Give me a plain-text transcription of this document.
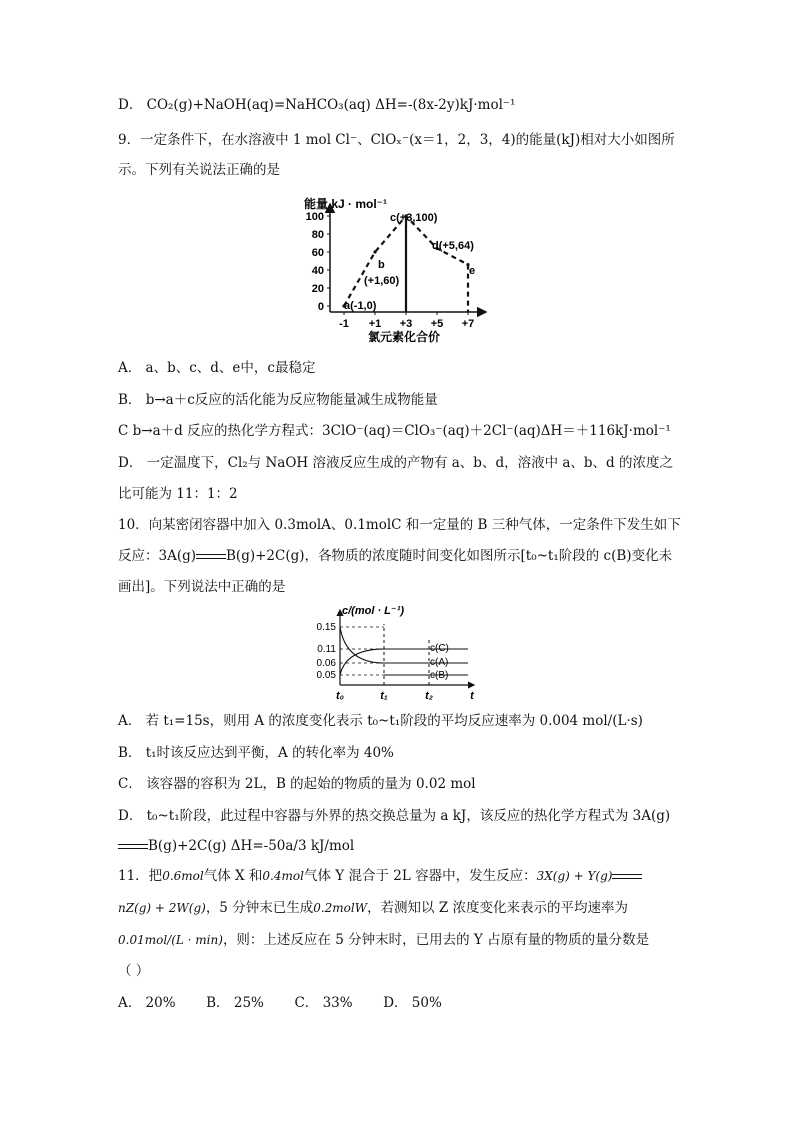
D． CO₂(g)+NaOH(aq)=NaHCO₃(aq) ΔH=-(8x-2y)kJ·mol⁻¹
9．一定条件下，在水溶液中 1 mol Cl⁻、ClOₓ⁻(x＝1，2，3，4)的能量(kJ)相对大小如图所
示。下列有关说法正确的是
能量 kJ · mol⁻¹
100
80
60
40
20
0
-1 +1 +3 +5 +7
a(-1,0)
b
(+1,60)
c(+3,100)
d(+5,64)
e
氯元素化合价
A． a、b、c、d、e中，c最稳定
B． b→a＋c反应的活化能为反应物能量减生成物能量
C b→a＋d 反应的热化学方程式：3ClO⁻(aq)＝ClO₃⁻(aq)＋2Cl⁻(aq)ΔH＝＋116kJ·mol⁻¹
D． 一定温度下，Cl₂与 NaOH 溶液反应生成的产物有 a、b、d，溶液中 a、b、d 的浓度之
比可能为 11：1：2
10．向某密闭容器中加入 0.3molA、0.1molC 和一定量的 B 三种气体，一定条件下发生如下
反应：3A(g) B(g)+2C(g)，各物质的浓度随时间变化如图所示[t₀~t₁阶段的 c(B)变化未
画出]。下列说法中正确的是
c/(mol · L⁻¹)
0.15
0.11
0.06
0.05
t₀	t₁	t₂	t
c(C)
c(A)
c(B)
A． 若 t₁=15s，则用 A 的浓度变化表示 t₀~t₁阶段的平均反应速率为 0.004 mol/(L·s)
B． t₁时该反应达到平衡，A 的转化率为 40%
C． 该容器的容积为 2L，B 的起始的物质的量为 0.02 mol
D． t₀~t₁阶段，此过程中容器与外界的热交换总量为 a kJ，该反应的热化学方程式为 3A(g)
B(g)+2C(g) ΔH=-50a/3 kJ/mol
11．把0.6mol气体 X 和0.4mol气体 Y 混合于 2L 容器中，发生反应：3X(g) + Y(g)
nZ(g) + 2W(g)，5 分钟末已生成0.2molW，若测知以 Z 浓度变化来表示的平均速率为
0.01mol/(L · min)，则：上述反应在 5 分钟末时，已用去的 Y 占原有量的物质的量分数是
（ ）
A． 20% B． 25% C． 33% D． 50%
